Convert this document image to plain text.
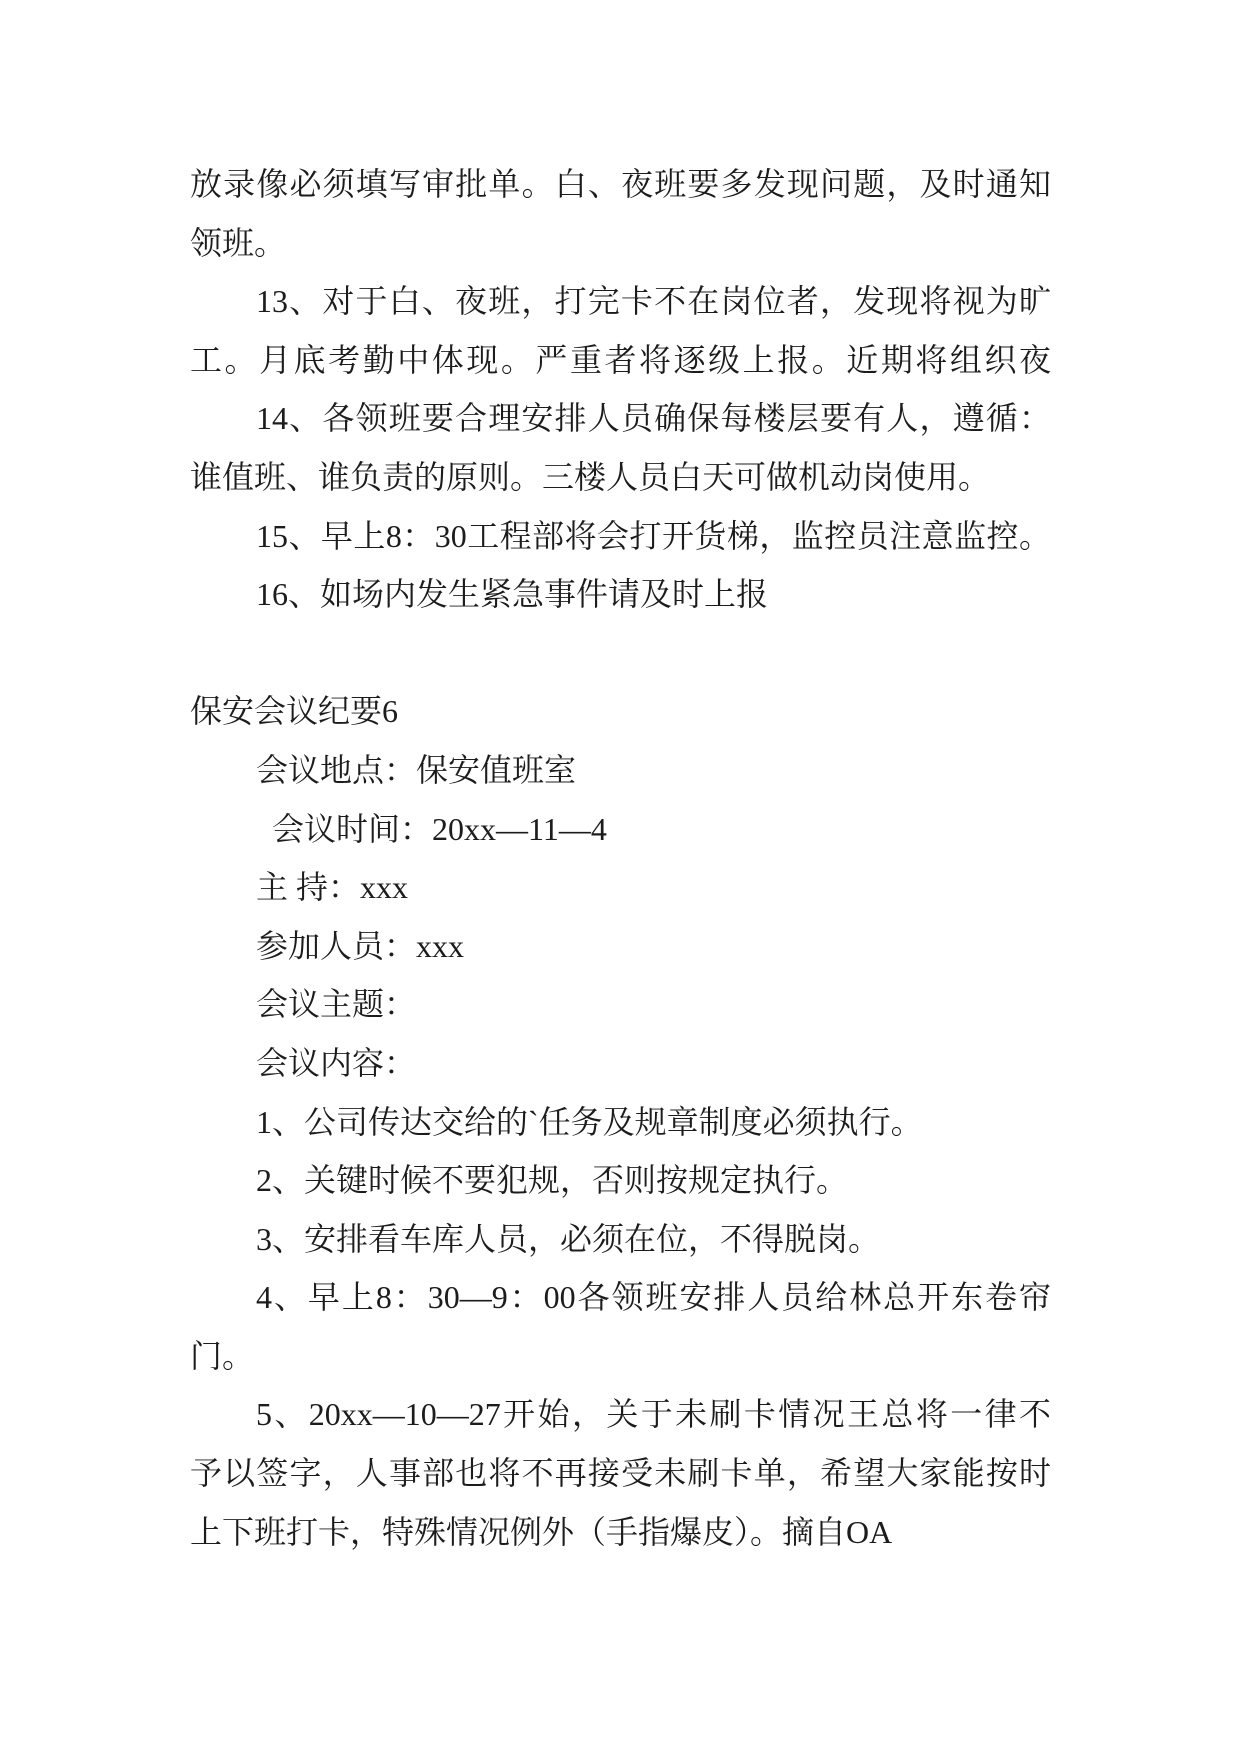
放录像必须填写审批单。白、夜班要多发现问题，及时通知
领班。
13、对于白、夜班，打完卡不在岗位者，发现将视为旷
工。月底考勤中体现。严重者将逐级上报。近期将组织夜
14、各领班要合理安排人员确保每楼层要有人，遵循：
谁值班、谁负责的原则。三楼人员白天可做机动岗使用。
15、早上8：30工程部将会打开货梯，监控员注意监控。
16、如场内发生紧急事件请及时上报
保安会议纪要6
会议地点：保安值班室
会议时间：20xx—11—4
主 持：xxx
参加人员：xxx
会议主题：
会议内容：
1、公司传达交给的`任务及规章制度必须执行。
2、关键时候不要犯规，否则按规定执行。
3、安排看车库人员，必须在位，不得脱岗。
4、早上8：30—9：00各领班安排人员给林总开东卷帘
门。
5、20xx—10—27开始，关于未刷卡情况王总将一律不
予以签字，人事部也将不再接受未刷卡单，希望大家能按时
上下班打卡，特殊情况例外（手指爆皮）。摘自OA
